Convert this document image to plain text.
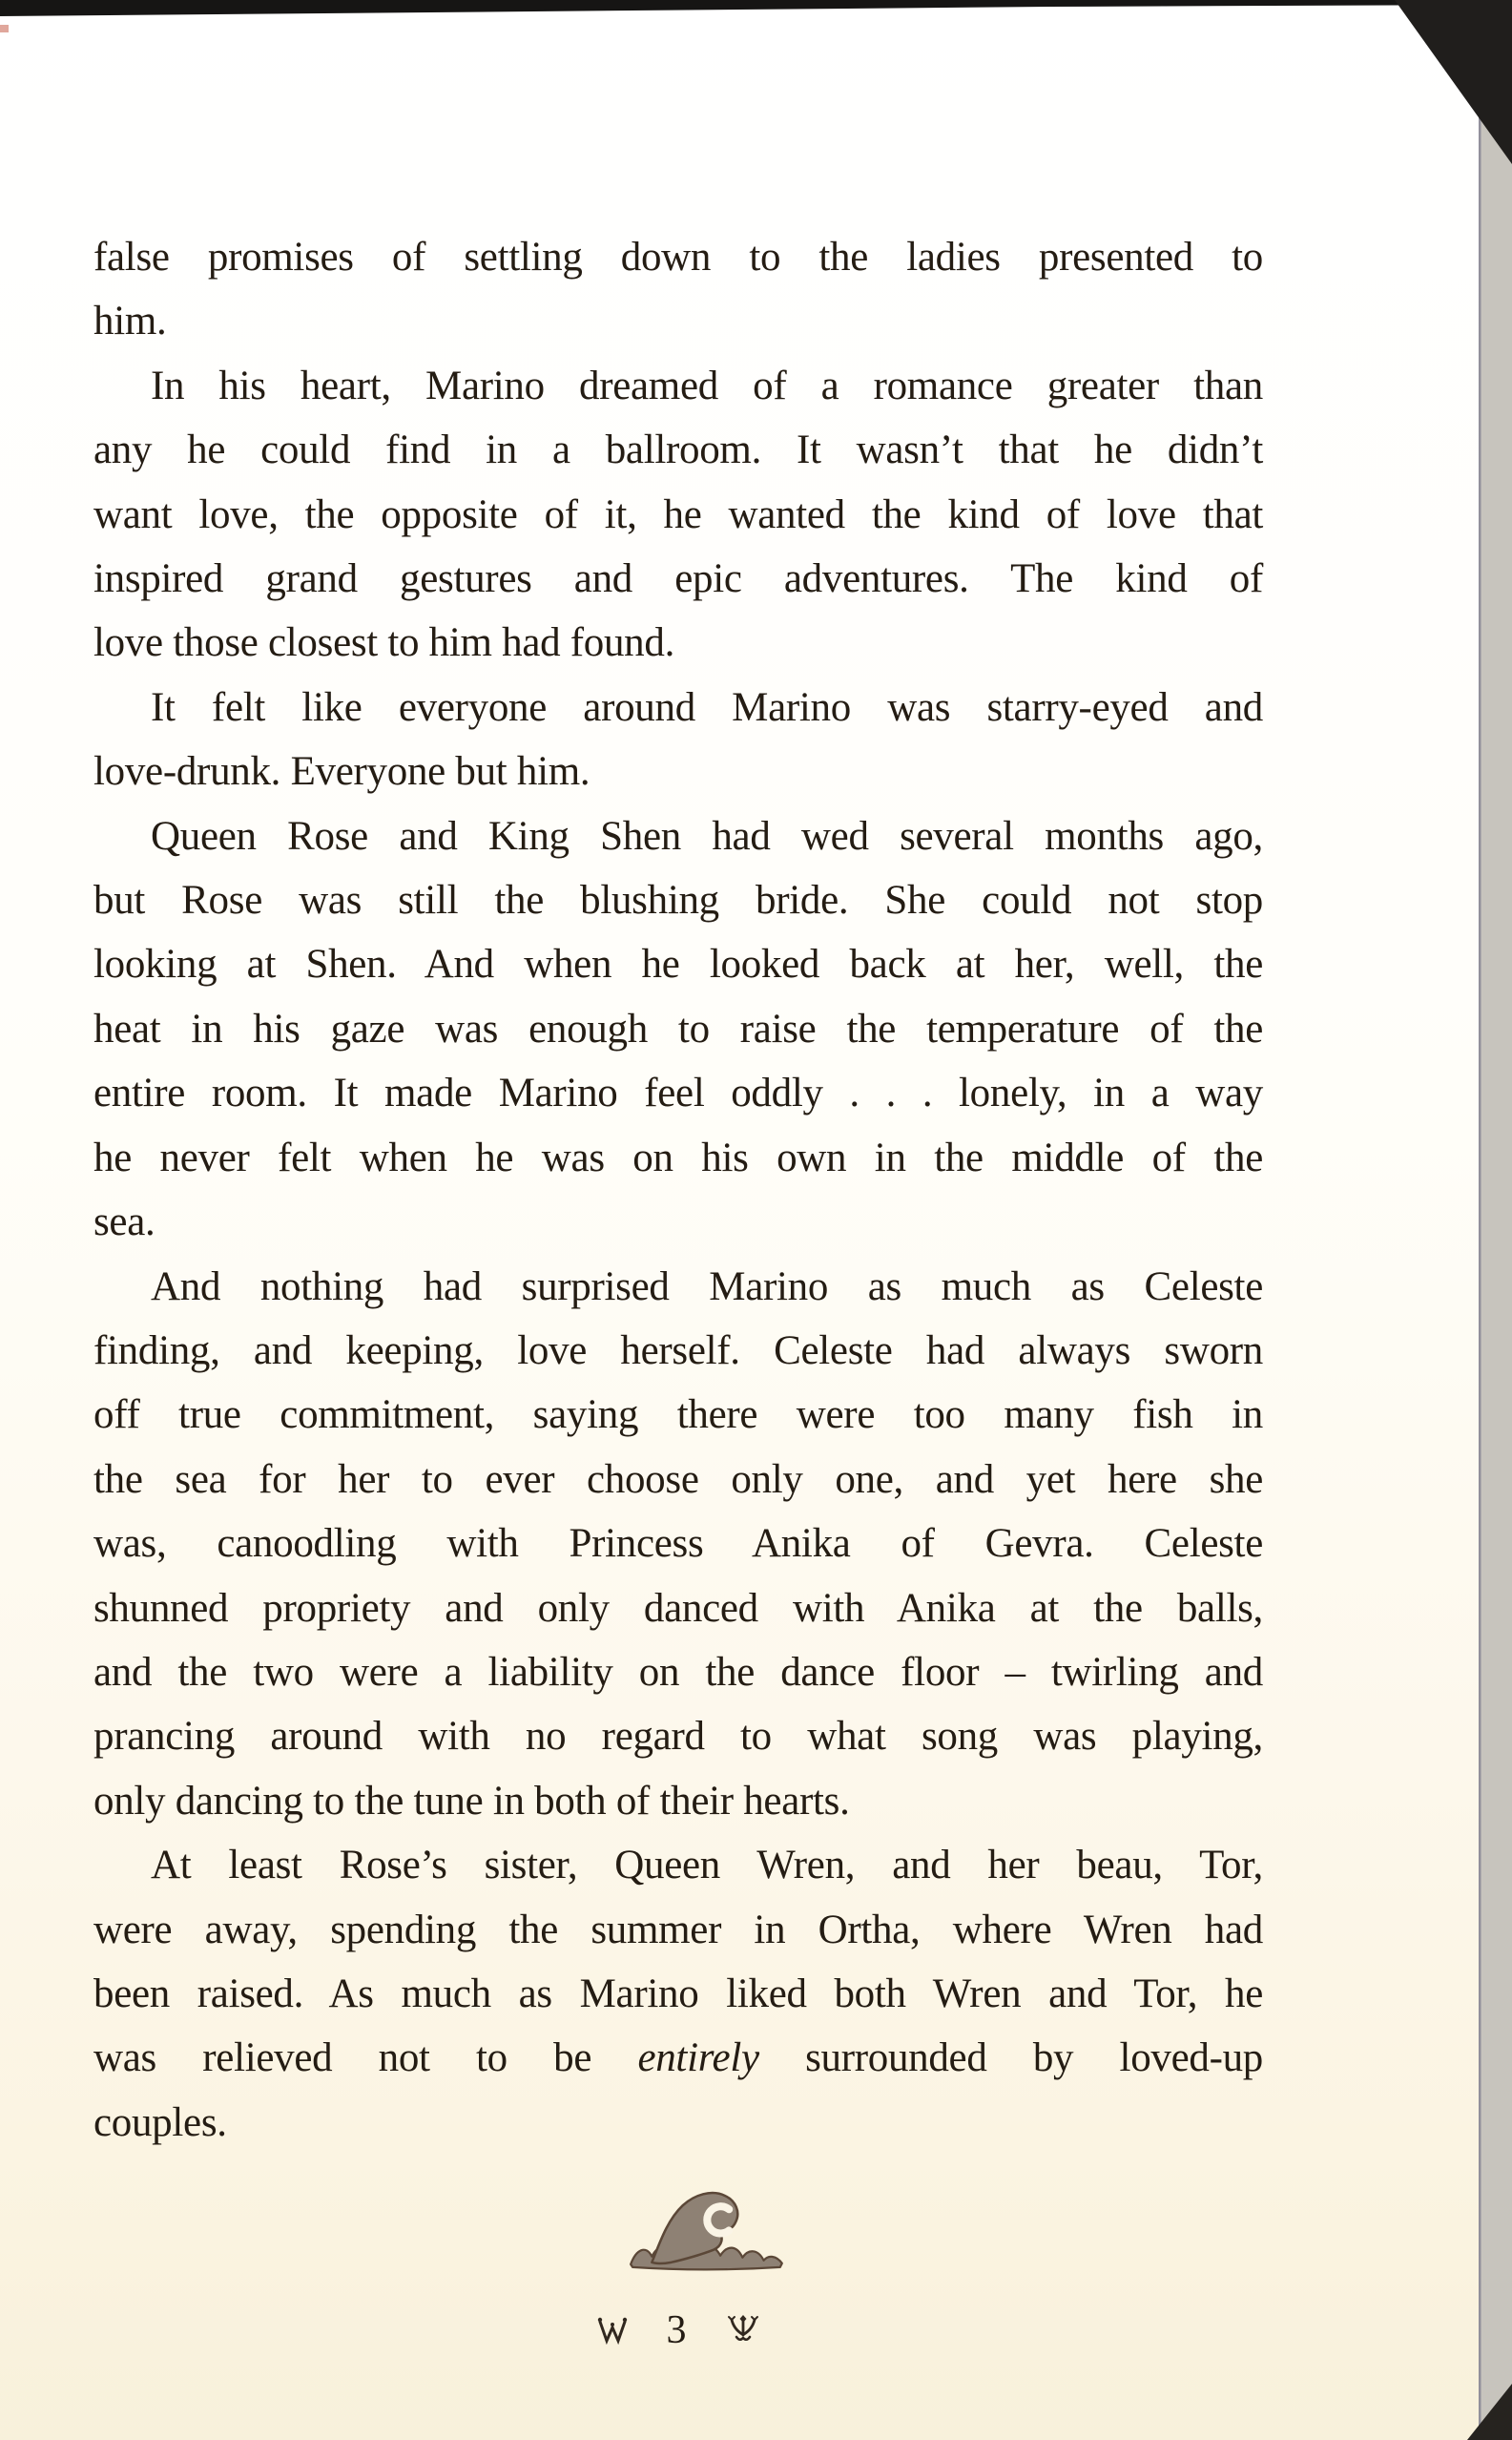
false promises of settling down to the ladies presented to
him.
In his heart, Marino dreamed of a romance greater than
any he could find in a ballroom. It wasn’t that he didn’t
want love, the opposite of it, he wanted the kind of love that
inspired grand gestures and epic adventures. The kind of
love those closest to him had found.
It felt like everyone around Marino was starry-eyed and
love-drunk. Everyone but him.
Queen Rose and King Shen had wed several months ago,
but Rose was still the blushing bride. She could not stop
looking at Shen. And when he looked back at her, well, the
heat in his gaze was enough to raise the temperature of the
entire room. It made Marino feel oddly . . . lonely, in a way
he never felt when he was on his own in the middle of the
sea.
And nothing had surprised Marino as much as Celeste
finding, and keeping, love herself. Celeste had always sworn
off true commitment, saying there were too many fish in
the sea for her to ever choose only one, and yet here she
was, canoodling with Princess Anika of Gevra. Celeste
shunned propriety and only danced with Anika at the balls,
and the two were a liability on the dance floor – twirling and
prancing around with no regard to what song was playing,
only dancing to the tune in both of their hearts.
At least Rose’s sister, Queen Wren, and her beau, Tor,
were away, spending the summer in Ortha, where Wren had
been raised. As much as Marino liked both Wren and Tor, he
was relieved not to be entirely surrounded by loved-up
couples.
3
